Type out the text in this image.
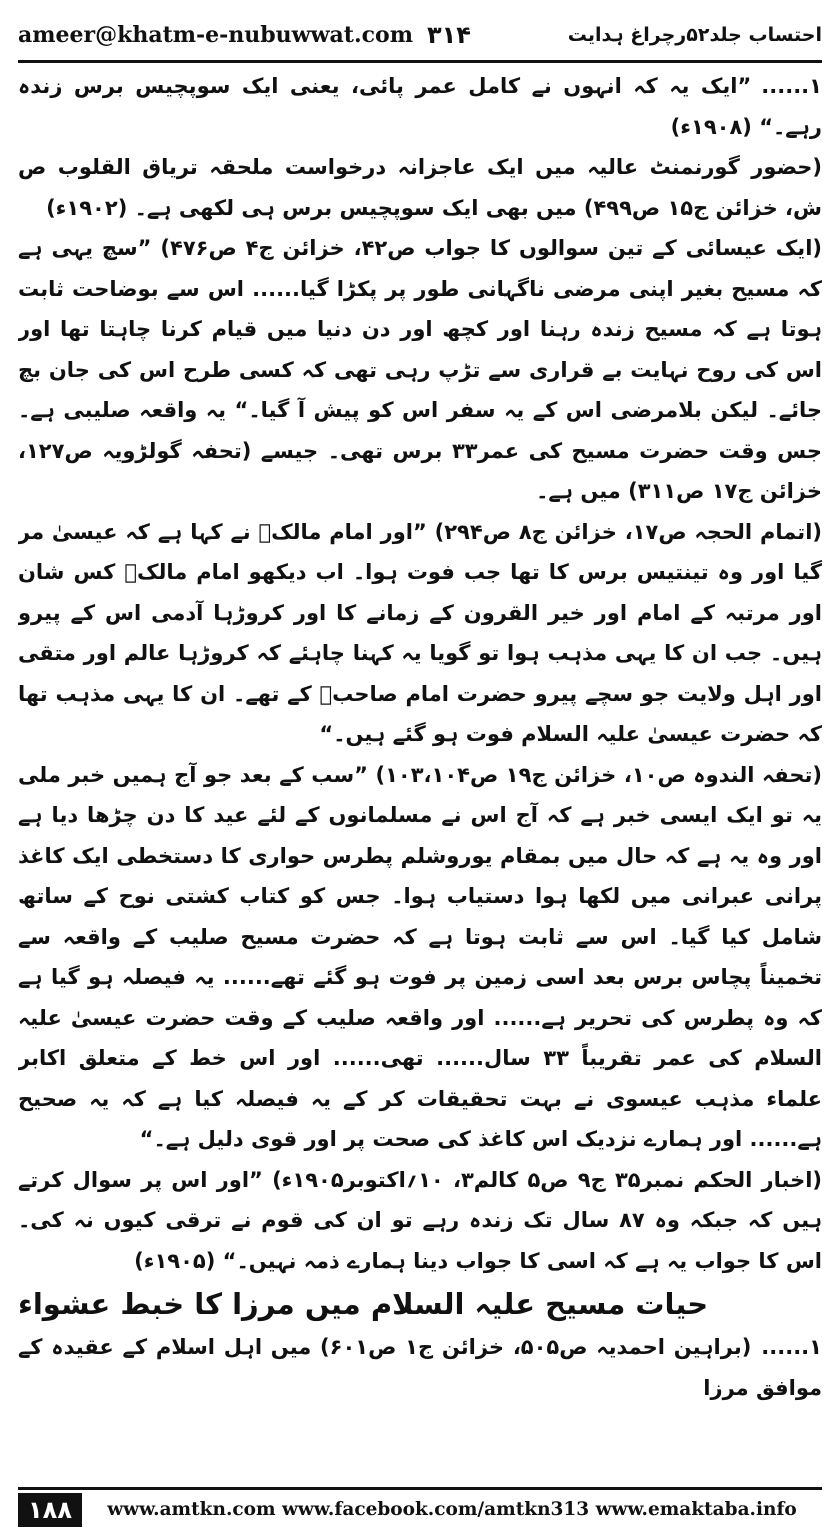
ameer@khatm-e-nubuwwat.com ۳۱۴	احتساب جلد۵۲رچراغ ہدایت

۱......”ایک یہ کہ انہوں نے کامل عمر پائی، یعنی ایک سوپچیس برس زندہ رہے۔“ (۱۹۰۸ء)

(حضور گورنمنٹ عالیہ میں ایک عاجزانہ درخواست ملحقہ تریاق القلوب ص ش، خزائن ج۱۵ ص۴۹۹) میں بھی ایک سوپچیس برس ہی لکھی ہے۔ (۱۹۰۲ء)

(ایک عیسائی کے تین سوالوں کا جواب ص۴۲، خزائن ج۴ ص۴۷۶) ”سچ یہی ہے کہ مسیح بغیر اپنی مرضی ناگہانی طور پر پکڑا گیا...... اس سے بوضاحت ثابت ہوتا ہے کہ مسیح زندہ رہنا اور کچھ اور دن دنیا میں قیام کرنا چاہتا تھا اور اس کی روح نہایت بے قراری سے تڑپ رہی تھی کہ کسی طرح اس کی جان بچ جائے۔ لیکن بلامرضی اس کے یہ سفر اس کو پیش آ گیا۔“ یہ واقعہ صلیبی ہے۔ جس وقت حضرت مسیح کی عمر۳۳ برس تھی۔ جیسے (تحفہ گولڑویہ ص۱۲۷، خزائن ج۱۷ ص۳۱۱) میں ہے۔

(اتمام الحجہ ص۱۷، خزائن ج۸ ص۲۹۴) ”اور امام مالکؒ نے کہا ہے کہ عیسیٰ مر گیا اور وہ تینتیس برس کا تھا جب فوت ہوا۔ اب دیکھو امام مالکؒ کس شان اور مرتبہ کے امام اور خیر القرون کے زمانے کا اور کروڑہا آدمی اس کے پیرو ہیں۔ جب ان کا یہی مذہب ہوا تو گویا یہ کہنا چاہئے کہ کروڑہا عالم اور متقی اور اہل ولایت جو سچے پیرو حضرت امام صاحبؒ کے تھے۔ ان کا یہی مذہب تھا کہ حضرت عیسیٰ علیہ السلام فوت ہو گئے ہیں۔“

(تحفہ الندوہ ص۱۰، خزائن ج۱۹ ص۱۰۳،۱۰۴) ”سب کے بعد جو آج ہمیں خبر ملی یہ تو ایک ایسی خبر ہے کہ آج اس نے مسلمانوں کے لئے عید کا دن چڑھا دیا ہے اور وہ یہ ہے کہ حال میں بمقام یوروشلم پطرس حواری کا دستخطی ایک کاغذ پرانی عبرانی میں لکھا ہوا دستیاب ہوا۔ جس کو کتاب کشتی نوح کے ساتھ شامل کیا گیا۔ اس سے ثابت ہوتا ہے کہ حضرت مسیح صلیب کے واقعہ سے تخمیناً پچاس برس بعد اسی زمین پر فوت ہو گئے تھے...... یہ فیصلہ ہو گیا ہے کہ وہ پطرس کی تحریر ہے...... اور واقعہ صلیب کے وقت حضرت عیسیٰ علیہ السلام کی عمر تقریباً ۳۳ سال...... تھی...... اور اس خط کے متعلق اکابر علماء مذہب عیسوی نے بہت تحقیقات کر کے یہ فیصلہ کیا ہے کہ یہ صحیح ہے...... اور ہمارے نزدیک اس کاغذ کی صحت پر اور قوی دلیل ہے۔“

(اخبار الحکم نمبر۳۵ ج۹ ص۵ کالم۳، ۱۰؍اکتوبر۱۹۰۵ء) ”اور اس پر سوال کرتے ہیں کہ جبکہ وہ ۸۷ سال تک زندہ رہے تو ان کی قوم نے ترقی کیوں نہ کی۔ اس کا جواب یہ ہے کہ اسی کا جواب دینا ہمارے ذمہ نہیں۔“ (۱۹۰۵ء)

حیات مسیح علیہ السلام میں مرزا کا خبط عشواء

۱......(براہین احمدیہ ص۵۰۵، خزائن ج۱ ص۶۰۱) میں اہل اسلام کے عقیدہ کے موافق مرزا

۱۸۸	www.amtkn.com www.facebook.com/amtkn313 www.emaktaba.info
